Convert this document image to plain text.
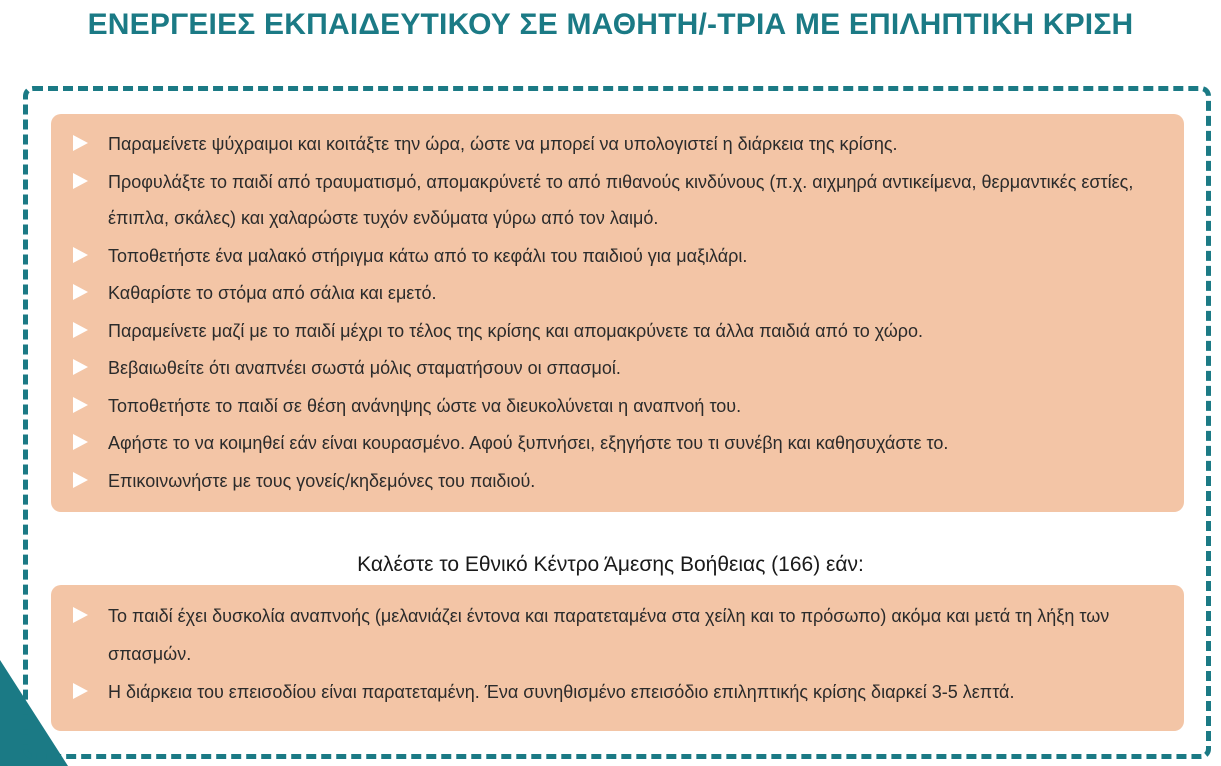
ΕΝΕΡΓΕΙΕΣ ΕΚΠΑΙΔΕΥΤΙΚΟΥ ΣΕ ΜΑΘΗΤΗ/-ΤΡΙΑ ΜΕ ΕΠΙΛΗΠΤΙΚΗ ΚΡΙΣΗ
Παραμείνετε ψύχραιμοι και κοιτάξτε την ώρα, ώστε να μπορεί να υπολογιστεί η διάρκεια της κρίσης.
Προφυλάξτε το παιδί από τραυματισμό, απομακρύνετέ το από πιθανούς κινδύνους (π.χ. αιχμηρά αντικείμενα, θερμαντικές εστίες, έπιπλα, σκάλες) και χαλαρώστε τυχόν ενδύματα γύρω από τον λαιμό.
Τοποθετήστε ένα μαλακό στήριγμα κάτω από το κεφάλι του παιδιού για μαξιλάρι.
Καθαρίστε το στόμα από σάλια και εμετό.
Παραμείνετε μαζί με το παιδί μέχρι το τέλος της κρίσης και απομακρύνετε τα άλλα παιδιά από το χώρο.
Βεβαιωθείτε ότι αναπνέει σωστά μόλις σταματήσουν οι σπασμοί.
Τοποθετήστε το παιδί σε θέση ανάνηψης ώστε να διευκολύνεται η αναπνοή του.
Αφήστε το να κοιμηθεί εάν είναι κουρασμένο. Αφού ξυπνήσει, εξηγήστε του τι συνέβη και καθησυχάστε το.
Επικοινωνήστε με τους γονείς/κηδεμόνες του παιδιού.
Καλέστε το Εθνικό Κέντρο Άμεσης Βοήθειας (166) εάν:
Το παιδί έχει δυσκολία αναπνοής (μελανιάζει έντονα και παρατεταμένα στα χείλη και το πρόσωπο) ακόμα και μετά τη λήξη των σπασμών.
Η διάρκεια του επεισοδίου είναι παρατεταμένη. Ένα συνηθισμένο επεισόδιο επιληπτικής κρίσης διαρκεί 3-5 λεπτά.
